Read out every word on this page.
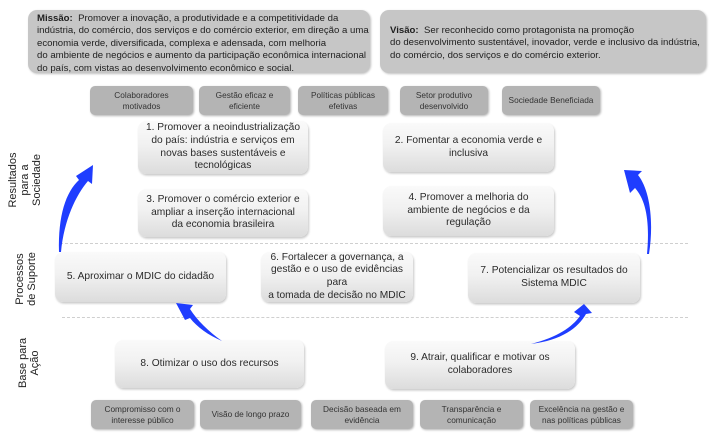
Missão: Promover a inovação, a produtividade e a competitividade da
indústria, do comércio, dos serviços e do comércio exterior, em direção a uma
economia verde, diversificada, complexa e adensada, com melhoria
do ambiente de negócios e aumento da participação econômica internacional
do país, com vistas ao desenvolvimento econômico e social.
Visão: Ser reconhecido como protagonista na promoção
do desenvolvimento sustentável, inovador, verde e inclusivo da indústria,
do comércio, dos serviços e do comércio exterior.
Colaboradores
motivados
Gestão eficaz e
eficiente
Políticas públicas
efetivas
Setor produtivo
desenvolvido
Sociedade Beneficiada
Resultados para a Sociedade
Processos de Suporte
Base para Ação
1. Promover a neoindustrialização
do país: indústria e serviços em
novas bases sustentáveis e
tecnológicas
2. Fomentar a economia verde e
inclusiva
3. Promover o comércio exterior e
ampliar a inserção internacional
da economia brasileira
4. Promover a melhoria do
ambiente de negócios e da
regulação
5. Aproximar o MDIC do cidadão
6. Fortalecer a governança, a
gestão e o uso de evidências para
a tomada de decisão no MDIC
7. Potencializar os resultados do
Sistema MDIC
8. Otimizar o uso dos recursos	9. Atrair, qualificar e motivar os
colaboradores
Compromisso com o
interesse público
Visão de longo prazo
Decisão baseada em
evidência
Transparência e
comunicação
Excelência na gestão e
nas políticas públicas
